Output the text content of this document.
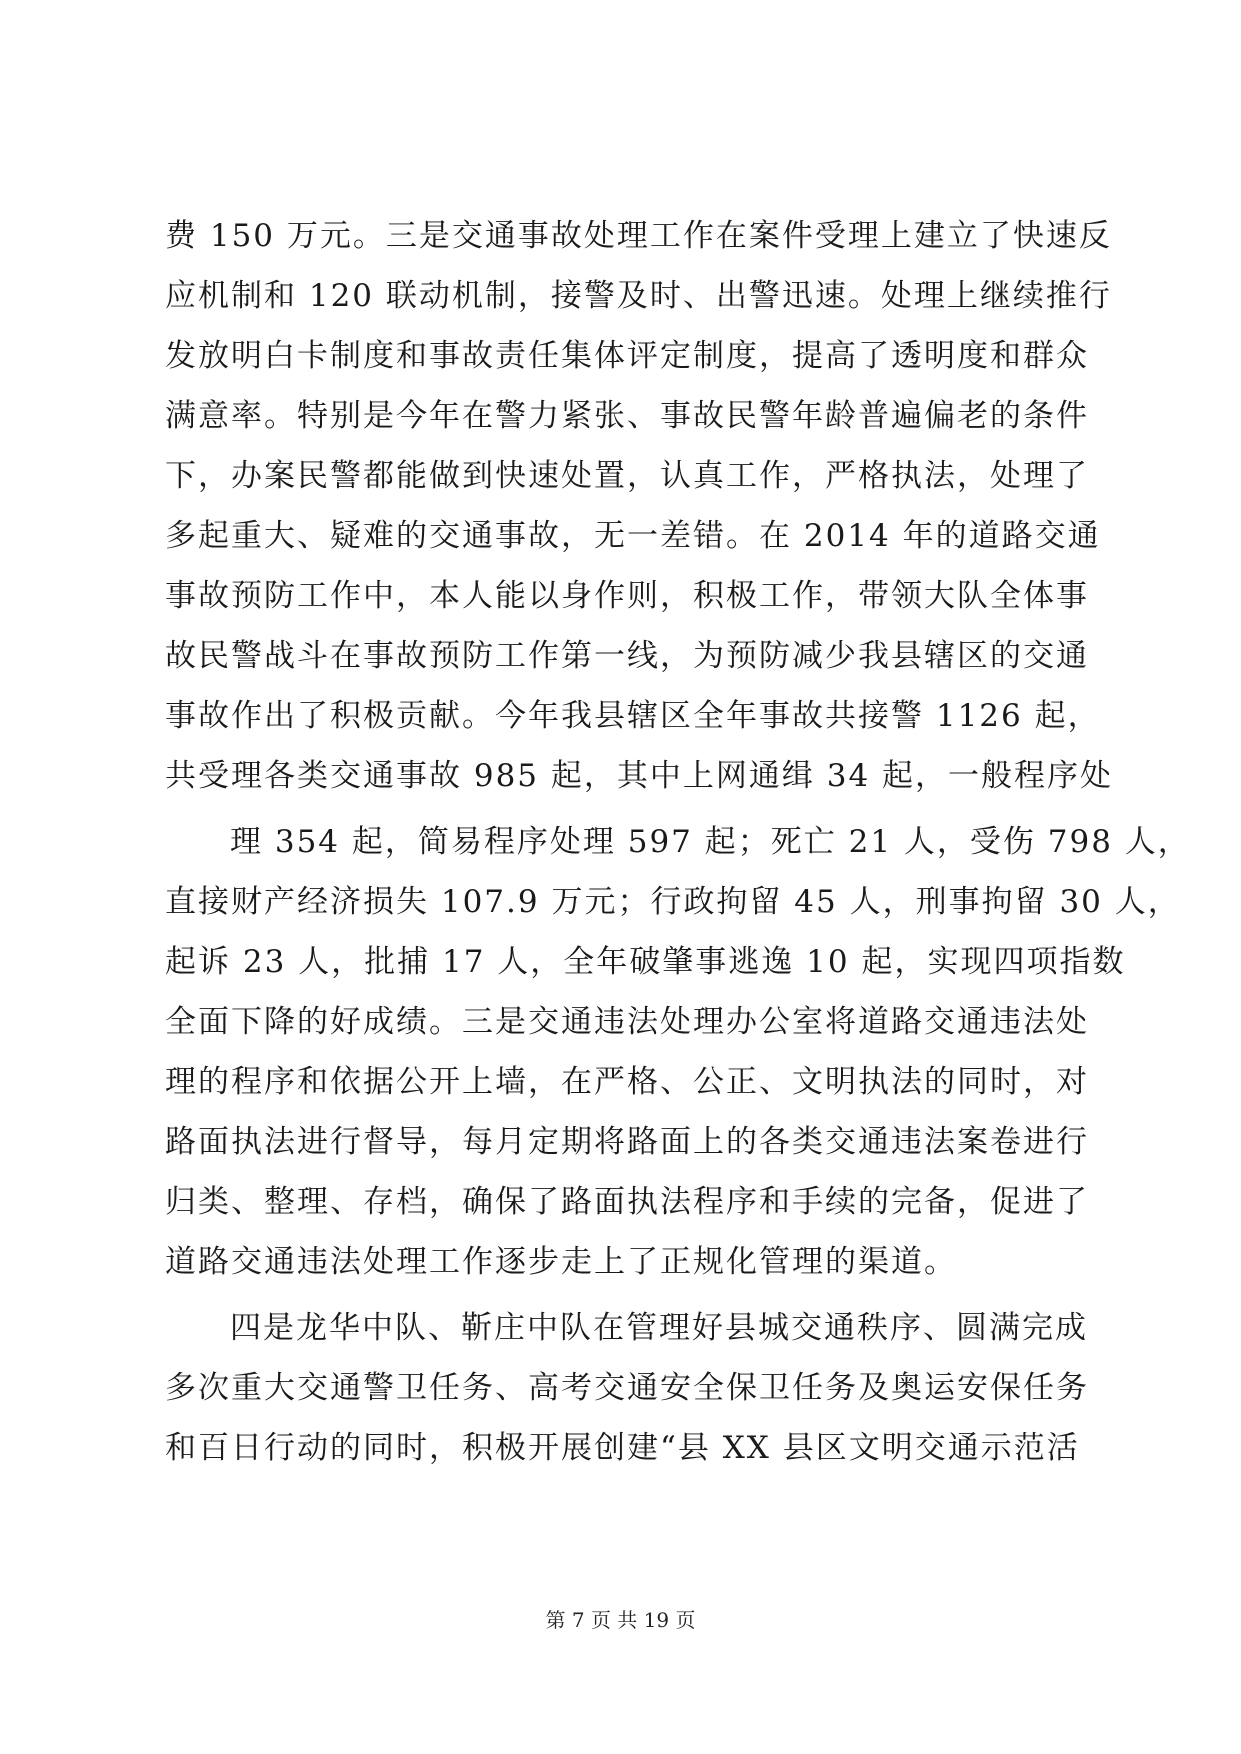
费 150 万元。三是交通事故处理工作在案件受理上建立了快速反
应机制和 120 联动机制，接警及时、出警迅速。处理上继续推行
发放明白卡制度和事故责任集体评定制度，提高了透明度和群众
满意率。特别是今年在警力紧张、事故民警年龄普遍偏老的条件
下，办案民警都能做到快速处置，认真工作，严格执法，处理了
多起重大、疑难的交通事故，无一差错。在 2014 年的道路交通
事故预防工作中，本人能以身作则，积极工作，带领大队全体事
故民警战斗在事故预防工作第一线，为预防减少我县辖区的交通
事故作出了积极贡献。今年我县辖区全年事故共接警 1126 起，
共受理各类交通事故 985 起，其中上网通缉 34 起，一般程序处
理 354 起，简易程序处理 597 起；死亡 21 人，受伤 798 人，
直接财产经济损失 107.9 万元；行政拘留 45 人，刑事拘留 30 人，
起诉 23 人，批捕 17 人，全年破肇事逃逸 10 起，实现四项指数
全面下降的好成绩。三是交通违法处理办公室将道路交通违法处
理的程序和依据公开上墙，在严格、公正、文明执法的同时，对
路面执法进行督导，每月定期将路面上的各类交通违法案卷进行
归类、整理、存档，确保了路面执法程序和手续的完备，促进了
道路交通违法处理工作逐步走上了正规化管理的渠道。
四是龙华中队、靳庄中队在管理好县城交通秩序、圆满完成
多次重大交通警卫任务、高考交通安全保卫任务及奥运安保任务
和百日行动的同时，积极开展创建“县 XX 县区文明交通示范活
第 7 页 共 19 页
